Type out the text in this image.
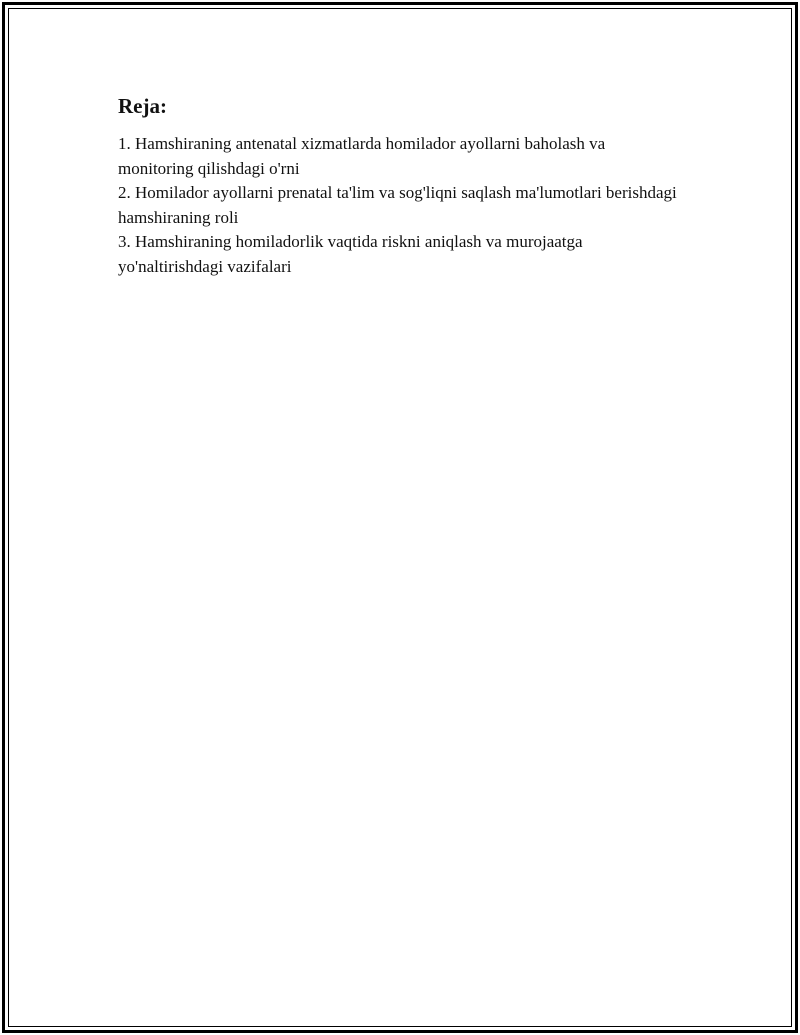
Reja:

1. Hamshiraning antenatal xizmatlarda homilador ayollarni baholash va monitoring qilishdagi o'rni

2. Homilador ayollarni prenatal ta'lim va sog'liqni saqlash ma'lumotlari berishdagi hamshiraning roli

3. Hamshiraning homiladorlik vaqtida riskni aniqlash va murojaatga yo'naltirishdagi vazifalari
